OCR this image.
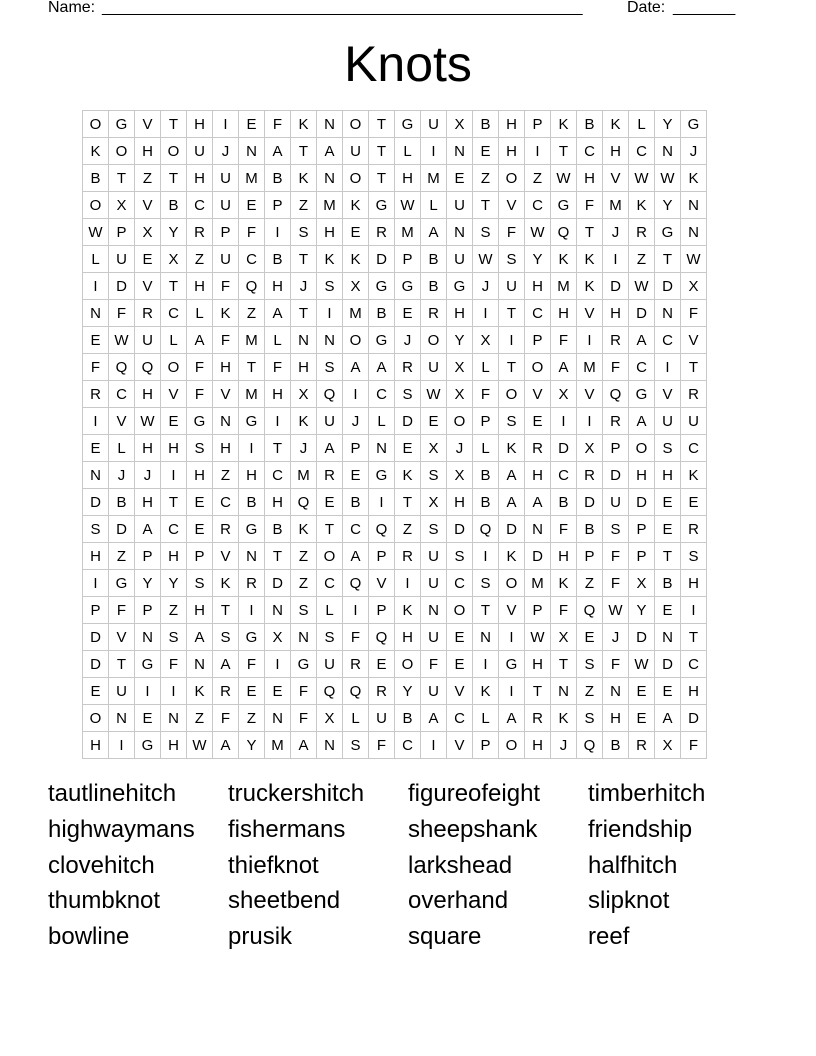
Name: ______________________________________________________	Date: _______
Knots
O	G	V	T	H	I	E	F	K	N	O	T	G	U	X	B	H	P	K	B	K	L	Y	G
K	O	H	O	U	J	N	A	T	A	U	T	L	I	N	E	H	I	T	C	H	C	N	J
B	T	Z	T	H	U	M	B	K	N	O	T	H	M	E	Z	O	Z	W	H	V	W	W	K
O	X	V	B	C	U	E	P	Z	M	K	G	W	L	U	T	V	C	G	F	M	K	Y	N
W	P	X	Y	R	P	F	I	S	H	E	R	M	A	N	S	F	W	Q	T	J	R	G	N
L	U	E	X	Z	U	C	B	T	K	K	D	P	B	U	W	S	Y	K	K	I	Z	T	W
I	D	V	T	H	F	Q	H	J	S	X	G	G	B	G	J	U	H	M	K	D	W	D	X
N	F	R	C	L	K	Z	A	T	I	M	B	E	R	H	I	T	C	H	V	H	D	N	F
E	W	U	L	A	F	M	L	N	N	O	G	J	O	Y	X	I	P	F	I	R	A	C	V
F	Q	Q	O	F	H	T	F	H	S	A	A	R	U	X	L	T	O	A	M	F	C	I	T
R	C	H	V	F	V	M	H	X	Q	I	C	S	W	X	F	O	V	X	V	Q	G	V	R
I	V	W	E	G	N	G	I	K	U	J	L	D	E	O	P	S	E	I	I	R	A	U	U
E	L	H	H	S	H	I	T	J	A	P	N	E	X	J	L	K	R	D	X	P	O	S	C
N	J	J	I	H	Z	H	C	M	R	E	G	K	S	X	B	A	H	C	R	D	H	H	K
D	B	H	T	E	C	B	H	Q	E	B	I	T	X	H	B	A	A	B	D	U	D	E	E
S	D	A	C	E	R	G	B	K	T	C	Q	Z	S	D	Q	D	N	F	B	S	P	E	R
H	Z	P	H	P	V	N	T	Z	O	A	P	R	U	S	I	K	D	H	P	F	P	T	S
I	G	Y	Y	S	K	R	D	Z	C	Q	V	I	U	C	S	O	M	K	Z	F	X	B	H
P	F	P	Z	H	T	I	N	S	L	I	P	K	N	O	T	V	P	F	Q	W	Y	E	I
D	V	N	S	A	S	G	X	N	S	F	Q	H	U	E	N	I	W	X	E	J	D	N	T
D	T	G	F	N	A	F	I	G	U	R	E	O	F	E	I	G	H	T	S	F	W	D	C
E	U	I	I	K	R	E	E	F	Q	Q	R	Y	U	V	K	I	T	N	Z	N	E	E	H
O	N	E	N	Z	F	Z	N	F	X	L	U	B	A	C	L	A	R	K	S	H	E	A	D
H	I	G	H	W	A	Y	M	A	N	S	F	C	I	V	P	O	H	J	Q	B	R	X	F
tautlinehitch	truckershitch	figureofeight	timberhitch
highwaymans	fishermans	sheepshank	friendship
clovehitch	thiefknot	larkshead	halfhitch
thumbknot	sheetbend	overhand	slipknot
bowline	prusik	square	reef
